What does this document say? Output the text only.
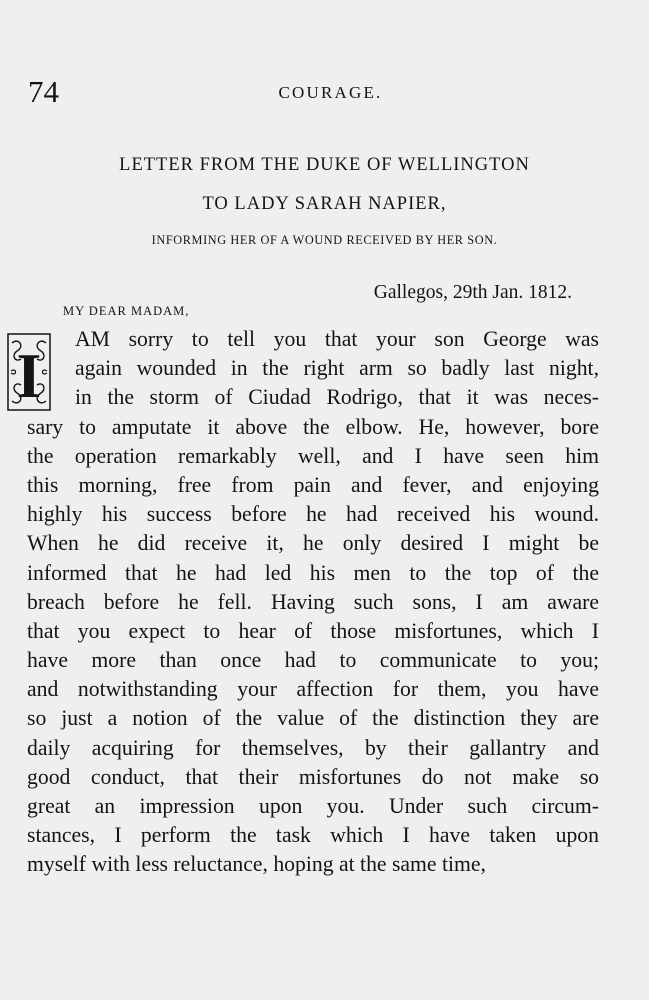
74	COURAGE.
LETTER FROM THE DUKE OF WELLINGTON
TO LADY SARAH NAPIER,
INFORMING HER OF A WOUND RECEIVED BY HER SON.
Gallegos, 29th Jan. 1812.
MY DEAR MADAM,
I
AM sorry to tell you that your son George was
again wounded in the right arm so badly last night,
in the storm of Ciudad Rodrigo, that it was neces-
sary to amputate it above the elbow. He, however, bore
the operation remarkably well, and I have seen him
this morning, free from pain and fever, and enjoying
highly his success before he had received his wound.
When he did receive it, he only desired I might be
informed that he had led his men to the top of the
breach before he fell. Having such sons, I am aware
that you expect to hear of those misfortunes, which I
have more than once had to communicate to you;
and notwithstanding your affection for them, you have
so just a notion of the value of the distinction they are
daily acquiring for themselves, by their gallantry and
good conduct, that their misfortunes do not make so
great an impression upon you. Under such circum-
stances, I perform the task which I have taken upon
myself with less reluctance, hoping at the same time,
